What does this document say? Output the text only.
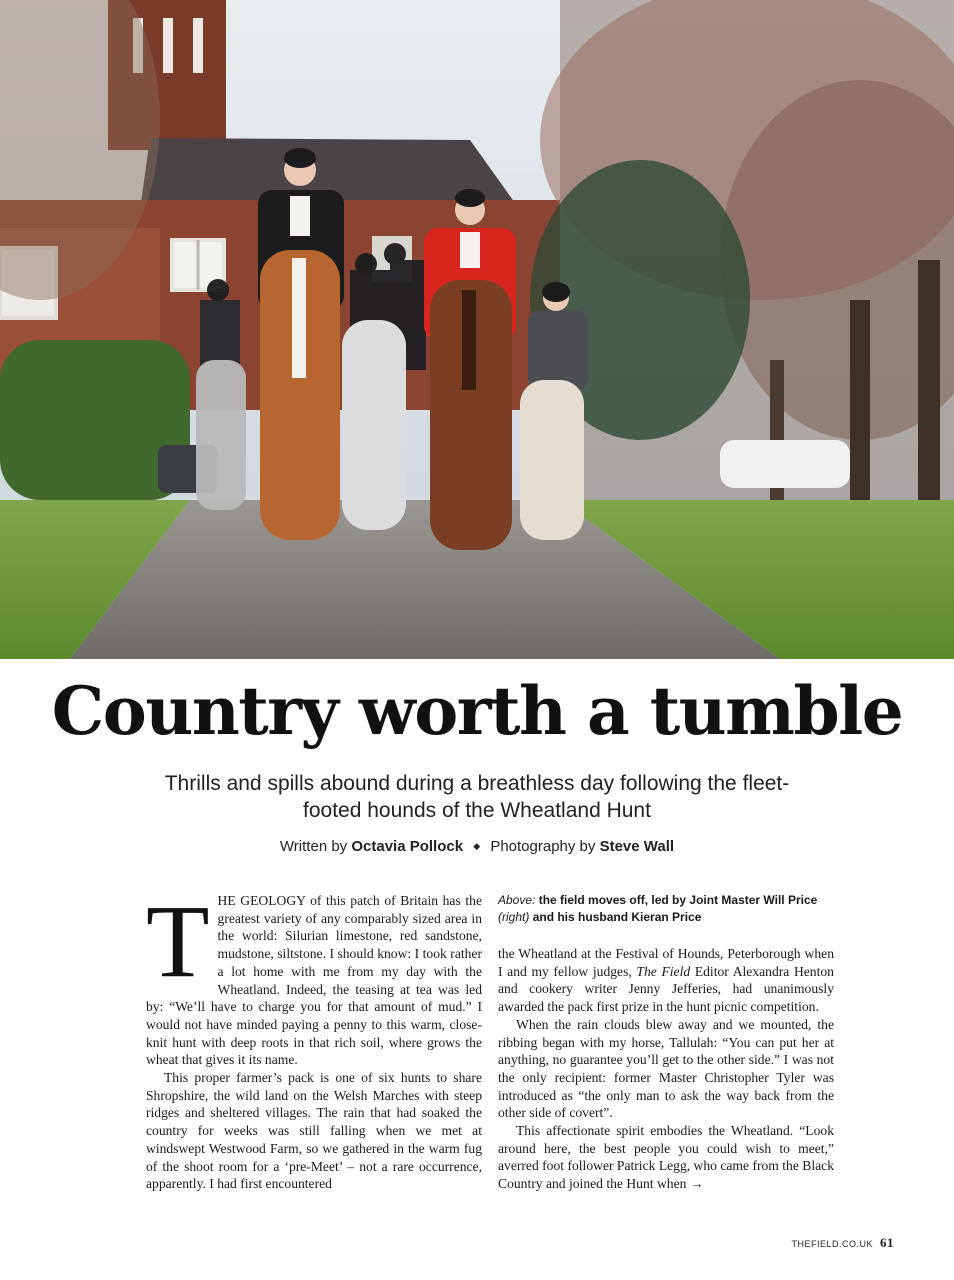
Country worth a tumble

Thrills and spills abound during a breathless day following the fleet-footed hounds of the Wheatland Hunt

Written by Octavia Pollock ◆ Photography by Steve Wall

THE GEOLOGY of this patch of Britain has the greatest variety of any comparably sized area in the world: Silurian limestone, red sandstone, mudstone, siltstone. I should know: I took rather a lot home with me from my day with the Wheatland. Indeed, the teasing at tea was led by: “We’ll have to charge you for that amount of mud.” I would not have minded paying a penny to this warm, close-knit hunt with deep roots in that rich soil, where grows the wheat that gives it its name.

This proper farmer’s pack is one of six hunts to share Shropshire, the wild land on the Welsh Marches with steep ridges and sheltered villages. The rain that had soaked the country for weeks was still falling when we met at windswept Westwood Farm, so we gathered in the warm fug of the shoot room for a ‘pre-Meet’ – not a rare occurrence, apparently. I had first encountered

Above: the field moves off, led by Joint Master Will Price (right) and his husband Kieran Price

the Wheatland at the Festival of Hounds, Peterborough when I and my fellow judges, The Field Editor Alexandra Henton and cookery writer Jenny Jefferies, had unanimously awarded the pack first prize in the hunt picnic competition.

When the rain clouds blew away and we mounted, the ribbing began with my horse, Tallulah: “You can put her at anything, no guarantee you’ll get to the other side.” I was not the only recipient: former Master Christopher Tyler was introduced as “the only man to ask the way back from the other side of covert”.

This affectionate spirit embodies the Wheatland. “Look around here, the best people you could wish to meet,” averred foot follower Patrick Legg, who came from the Black Country and joined the Hunt when →

THEFIELD.CO.UK 61
